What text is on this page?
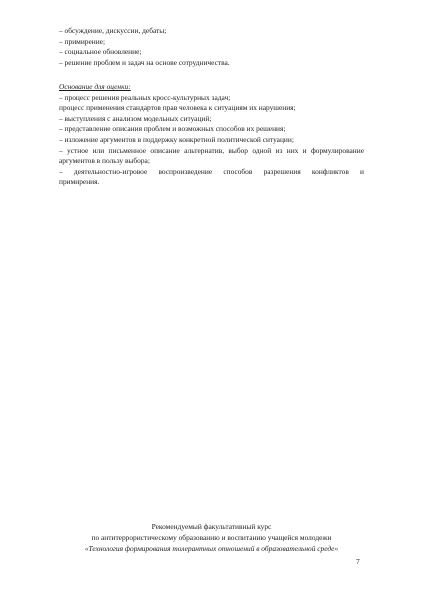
– обсуждение, дискуссии, дебаты;
– примирение;
– социальное обновление;
– решение проблем и задач на основе сотрудничества.
Основание для оценки:
– процесс решения реальных кросс-культурных задач;
процесс применения стандартов прав человека к ситуациям их нарушения;
– выступления с анализом модельных ситуаций;
– представление описания проблем и возможных способов их решения;
– изложение аргументов в поддержку конкретной политической ситуации;
– устное или письменное описание альтернатив, выбор одной из них и формулирование
аргументов в пользу выбора;
– деятельностно-игровое воспроизведение способов разрешения конфликтов и
примирения.
Рекомендуемый факультативный курс
по антитеррористическому образованию и воспитанию учащейся молодежи
«Технология формирования толерантных отношений в образовательной среде»
7
